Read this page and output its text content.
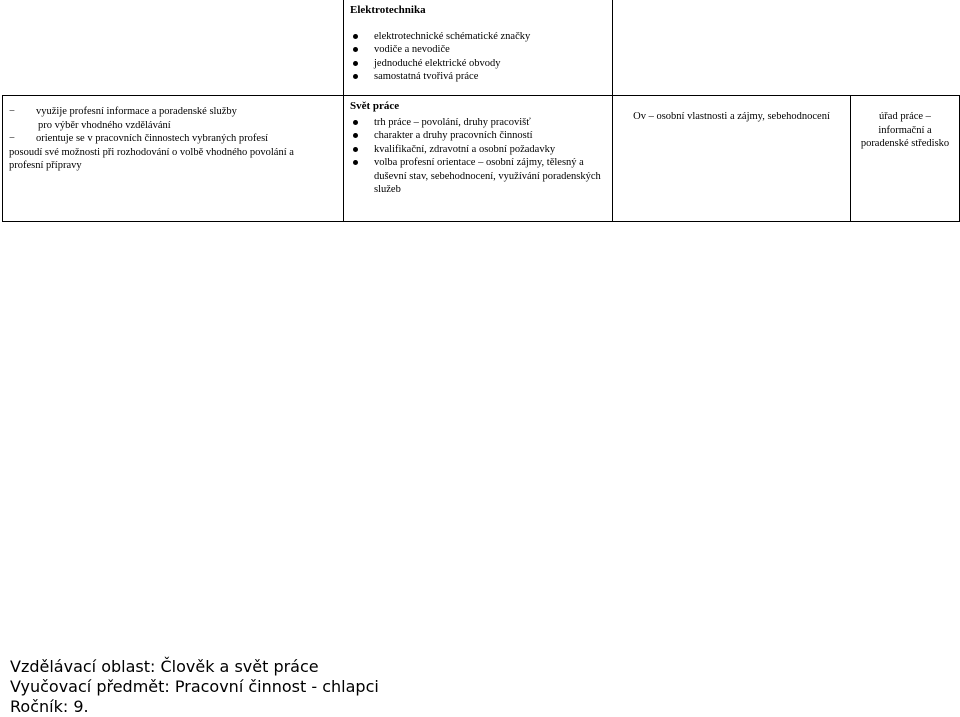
Elektrotechnika
elektrotechnické schématické značky
vodiče a nevodiče
jednoduché elektrické obvody
samostatná tvořivá práce
− využije profesní informace a poradenské služby
pro výběr vhodného vzdělávání
− orientuje se v pracovních činnostech vybraných profesí
posoudí své možnosti při rozhodování o volbě vhodného povolání a
profesní přípravy
Svět práce
trh práce – povolání, druhy pracovišť
charakter a druhy pracovních činností
kvalifikační, zdravotní a osobní požadavky
volba profesní orientace – osobní zájmy, tělesný a duševní stav, sebehodnocení, využívání poradenských služeb
Ov – osobní vlastnosti a zájmy, sebehodnocení	úřad práce – informační a poradenské středisko
Vzdělávací oblast: Člověk a svět práce
Vyučovací předmět: Pracovní činnost - chlapci
Ročník: 9.
